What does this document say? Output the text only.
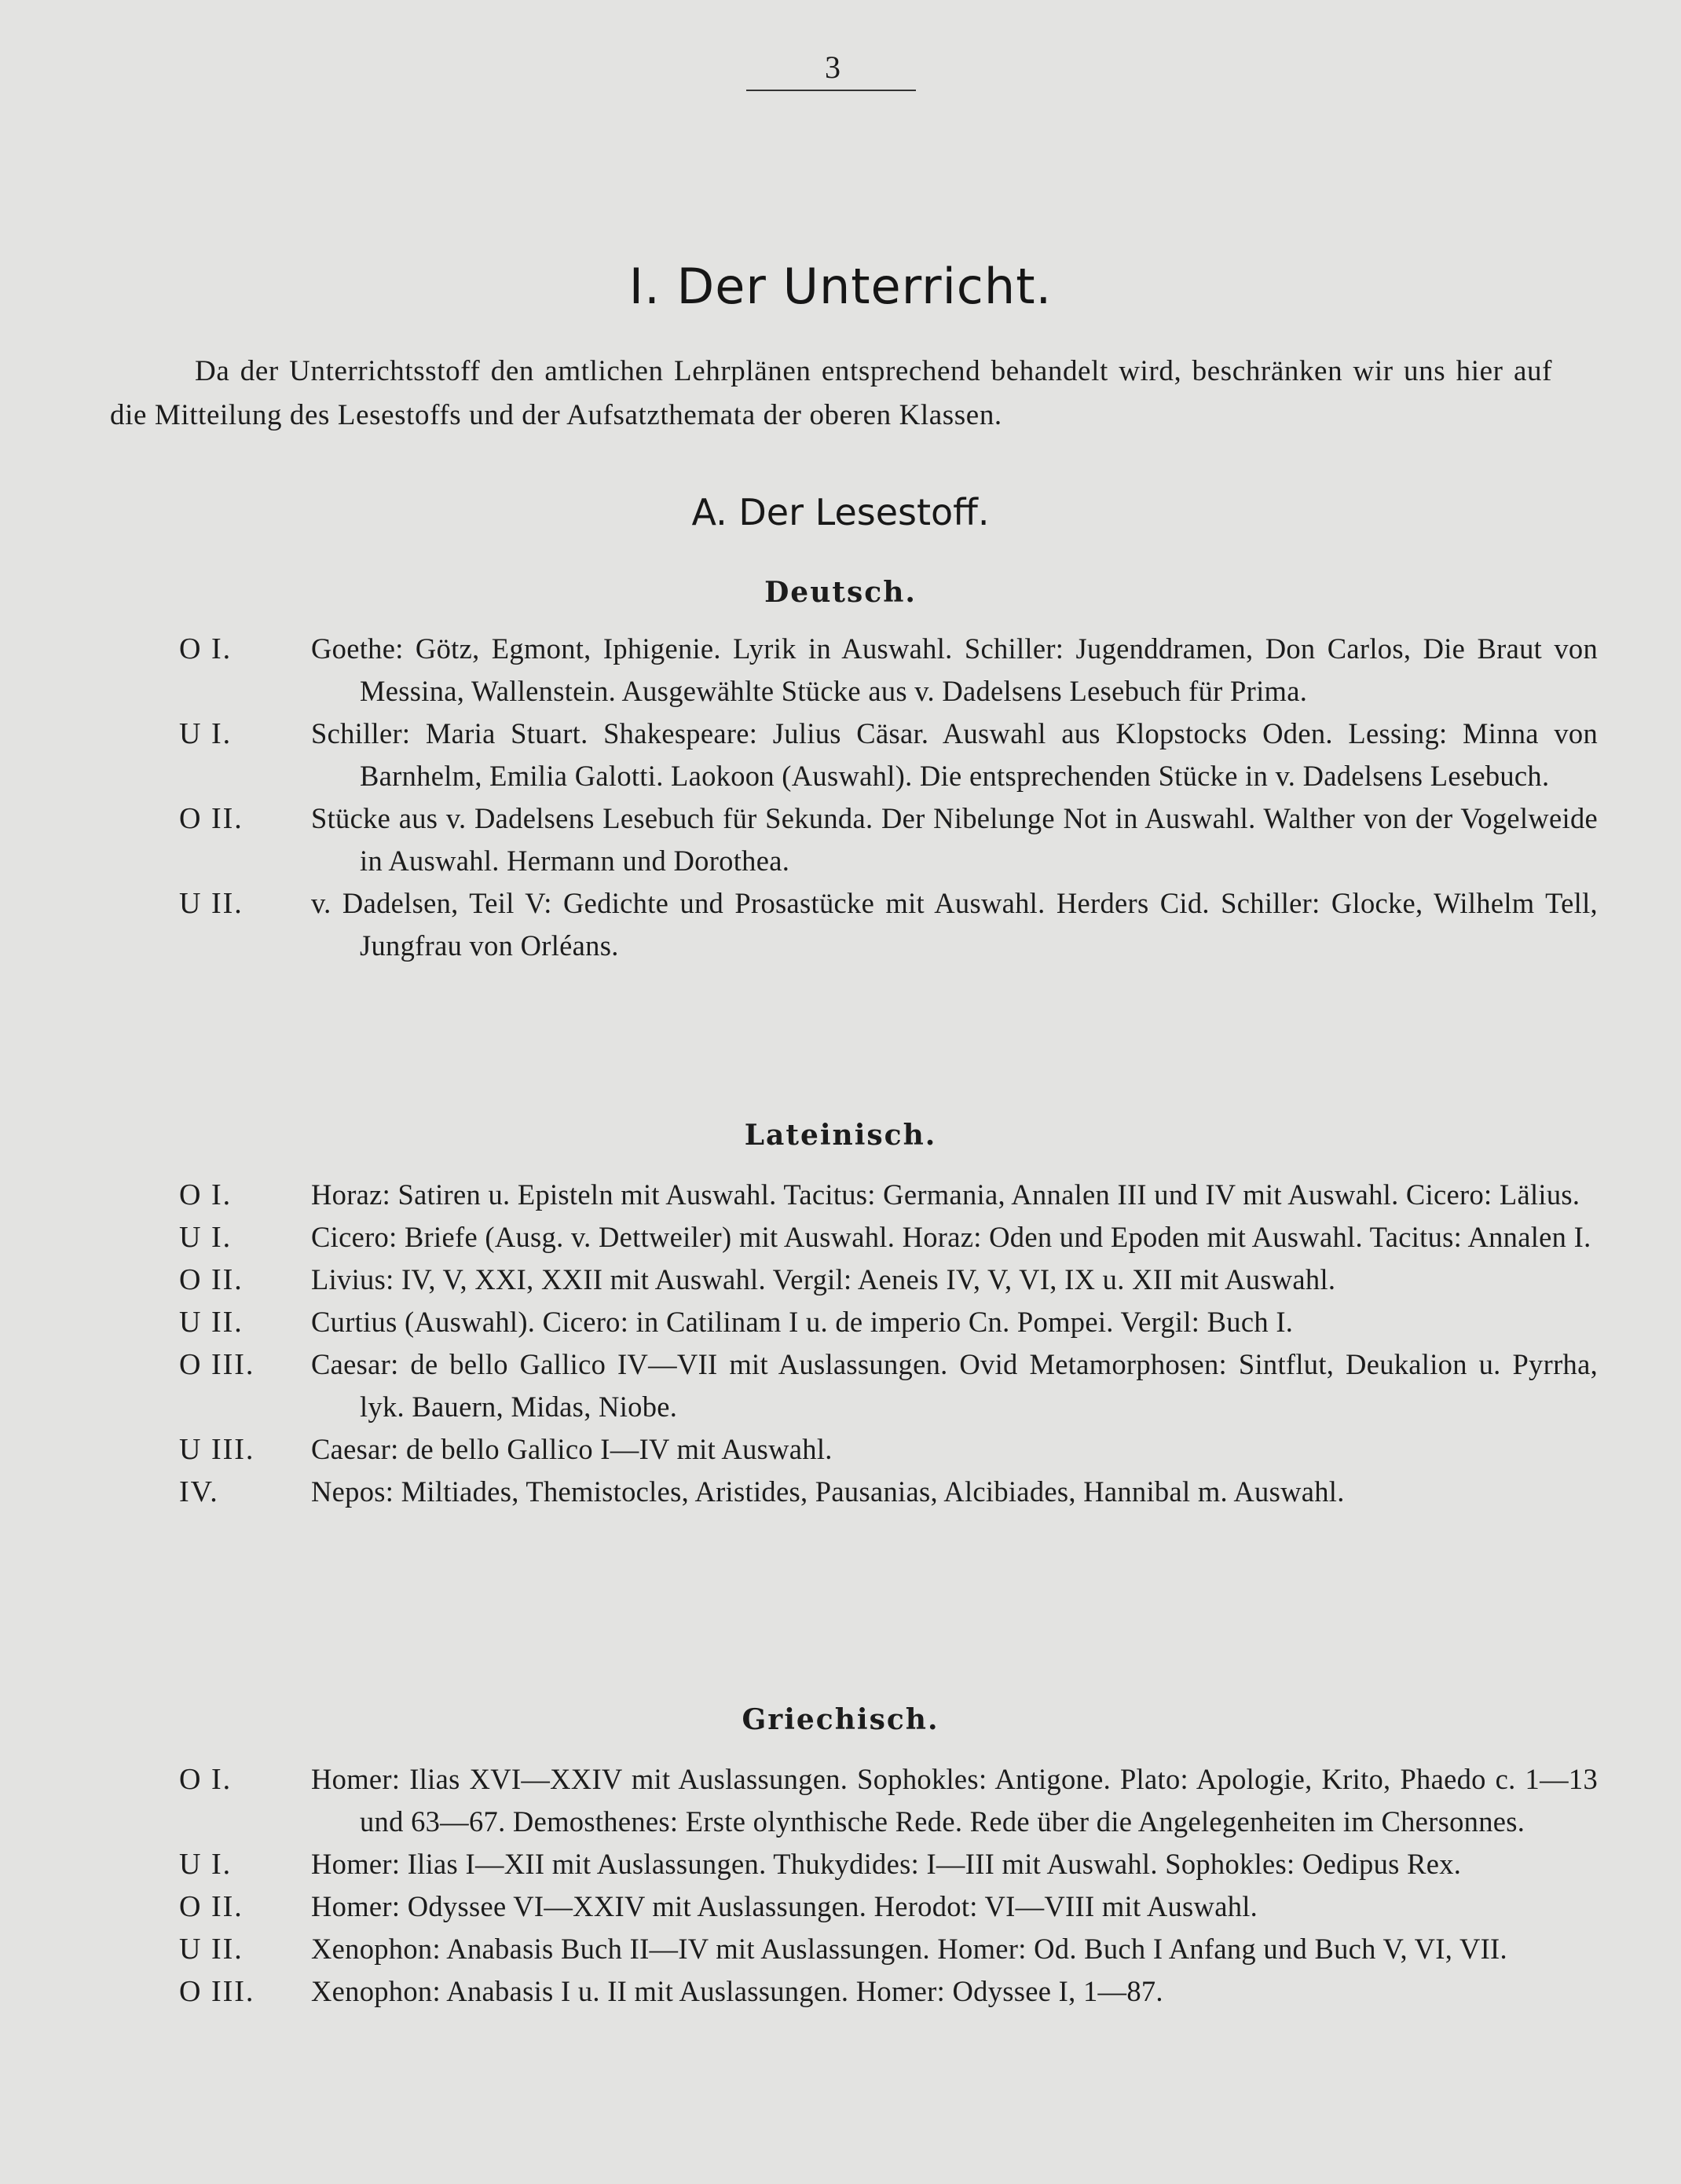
3
I. Der Unterricht.

Da der Unterrichtsstoff den amtlichen Lehrplänen entsprechend behandelt wird, beschränken wir uns hier auf die Mitteilung des Lesestoffs und der Aufsatzthemata der oberen Klassen.

A. Der Lesestoff.
Deutsch.
O I.	Goethe: Götz, Egmont, Iphigenie. Lyrik in Auswahl. Schiller: Jugenddramen, Don Carlos, Die Braut von Messina, Wallenstein. Ausgewählte Stücke aus v. Dadelsens Lesebuch für Prima.
U I.	Schiller: Maria Stuart. Shakespeare: Julius Cäsar. Auswahl aus Klopstocks Oden. Lessing: Minna von Barnhelm, Emilia Galotti. Laokoon (Auswahl). Die entsprechenden Stücke in v. Dadelsens Lesebuch.
O II. Stücke aus v. Dadelsens Lesebuch für Sekunda. Der Nibelunge Not in Auswahl. Walther von der Vogelweide in Auswahl. Hermann und Dorothea.
U II. v. Dadelsen, Teil V: Gedichte und Prosastücke mit Auswahl. Herders Cid. Schiller: Glocke, Wilhelm Tell, Jungfrau von Orléans.
Lateinisch.
O I.	Horaz: Satiren u. Episteln mit Auswahl. Tacitus: Germania, Annalen III und IV mit Auswahl. Cicero: Lälius.
U I.	Cicero: Briefe (Ausg. v. Dettweiler) mit Auswahl. Horaz: Oden und Epoden mit Auswahl. Tacitus: Annalen I.
O II. Livius: IV, V, XXI, XXII mit Auswahl. Vergil: Aeneis IV, V, VI, IX u. XII mit Auswahl.
U II. Curtius (Auswahl). Cicero: in Catilinam I u. de imperio Cn. Pompei. Vergil: Buch I.
O III. Caesar: de bello Gallico IV—VII mit Auslassungen. Ovid Metamorphosen: Sintflut, Deukalion u. Pyrrha, lyk. Bauern, Midas, Niobe.
U III. Caesar: de bello Gallico I—IV mit Auswahl.
IV.	Nepos: Miltiades, Themistocles, Aristides, Pausanias, Alcibiades, Hannibal m. Auswahl.
Griechisch.
O I.	Homer: Ilias XVI—XXIV mit Auslassungen. Sophokles: Antigone. Plato: Apologie, Krito, Phaedo c. 1—13 und 63—67. Demosthenes: Erste olynthische Rede. Rede über die Angelegenheiten im Chersonnes.
U I.	Homer: Ilias I—XII mit Auslassungen. Thukydides: I—III mit Auswahl. Sophokles: Oedipus Rex.
O II. Homer: Odyssee VI—XXIV mit Auslassungen. Herodot: VI—VIII mit Auswahl.
U II. Xenophon: Anabasis Buch II—IV mit Auslassungen. Homer: Od. Buch I Anfang und Buch V, VI, VII.
O III. Xenophon: Anabasis I u. II mit Auslassungen. Homer: Odyssee I, 1—87.
